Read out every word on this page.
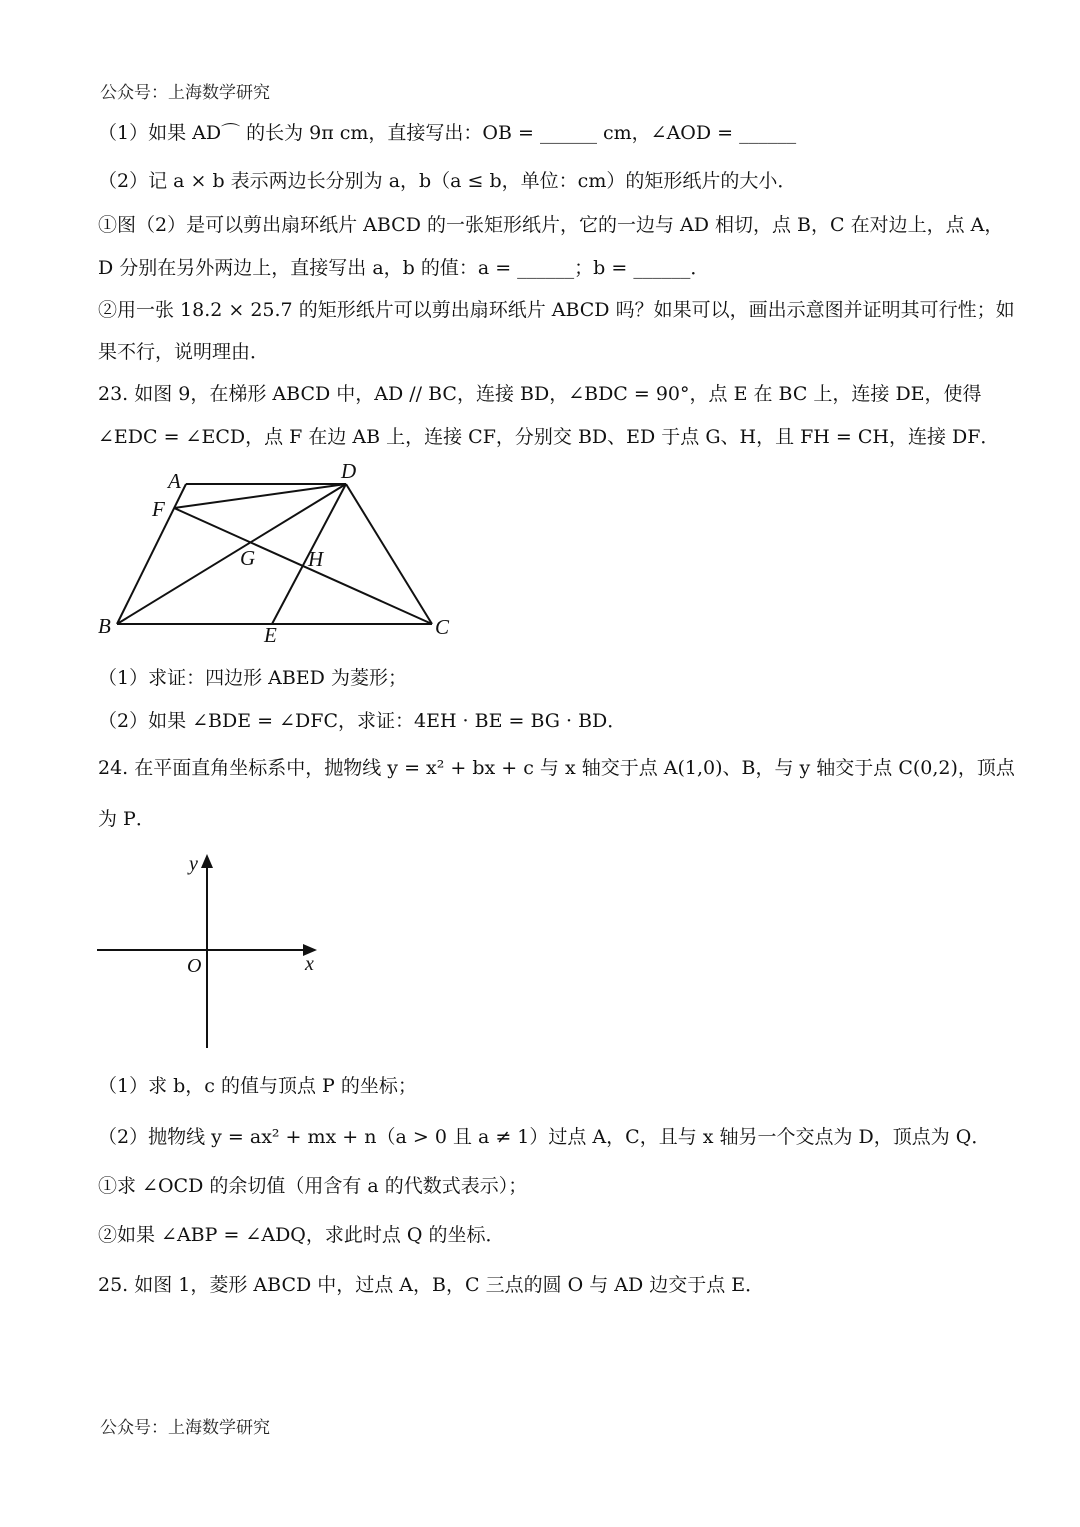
公众号：上海数学研究
（1）如果 AD⌒ 的长为 9π cm，直接写出：OB = ______ cm，∠AOD = ______
（2）记 a × b 表示两边长分别为 a，b（a ≤ b，单位：cm）的矩形纸片的大小．
①图（2）是可以剪出扇环纸片 ABCD 的一张矩形纸片，它的一边与 AD 相切，点 B，C 在对边上，点 A，
D 分别在另外两边上，直接写出 a，b 的值：a = ______；b = ______．
②用一张 18.2 × 25.7 的矩形纸片可以剪出扇环纸片 ABCD 吗？如果可以，画出示意图并证明其可行性；如
果不行，说明理由．
23. 如图 9，在梯形 ABCD 中，AD // BC，连接 BD，∠BDC = 90°，点 E 在 BC 上，连接 DE，使得
∠EDC = ∠ECD，点 F 在边 AB 上，连接 CF，分别交 BD、ED 于点 G、H，且 FH = CH，连接 DF．
A	D
F
G	H
B	E	C
（1）求证：四边形 ABED 为菱形；
（2）如果 ∠BDE = ∠DFC，求证：4EH · BE = BG · BD．
24. 在平面直角坐标系中，抛物线 y = x² + bx + c 与 x 轴交于点 A(1,0)、B，与 y 轴交于点 C(0,2)，顶点
为 P．
y
O	x
（1）求 b，c 的值与顶点 P 的坐标；
（2）抛物线 y = ax² + mx + n（a > 0 且 a ≠ 1）过点 A，C，且与 x 轴另一个交点为 D，顶点为 Q．
①求 ∠OCD 的余切值（用含有 a 的代数式表示）；
②如果 ∠ABP = ∠ADQ，求此时点 Q 的坐标．
25. 如图 1，菱形 ABCD 中，过点 A，B，C 三点的圆 O 与 AD 边交于点 E．
公众号：上海数学研究
